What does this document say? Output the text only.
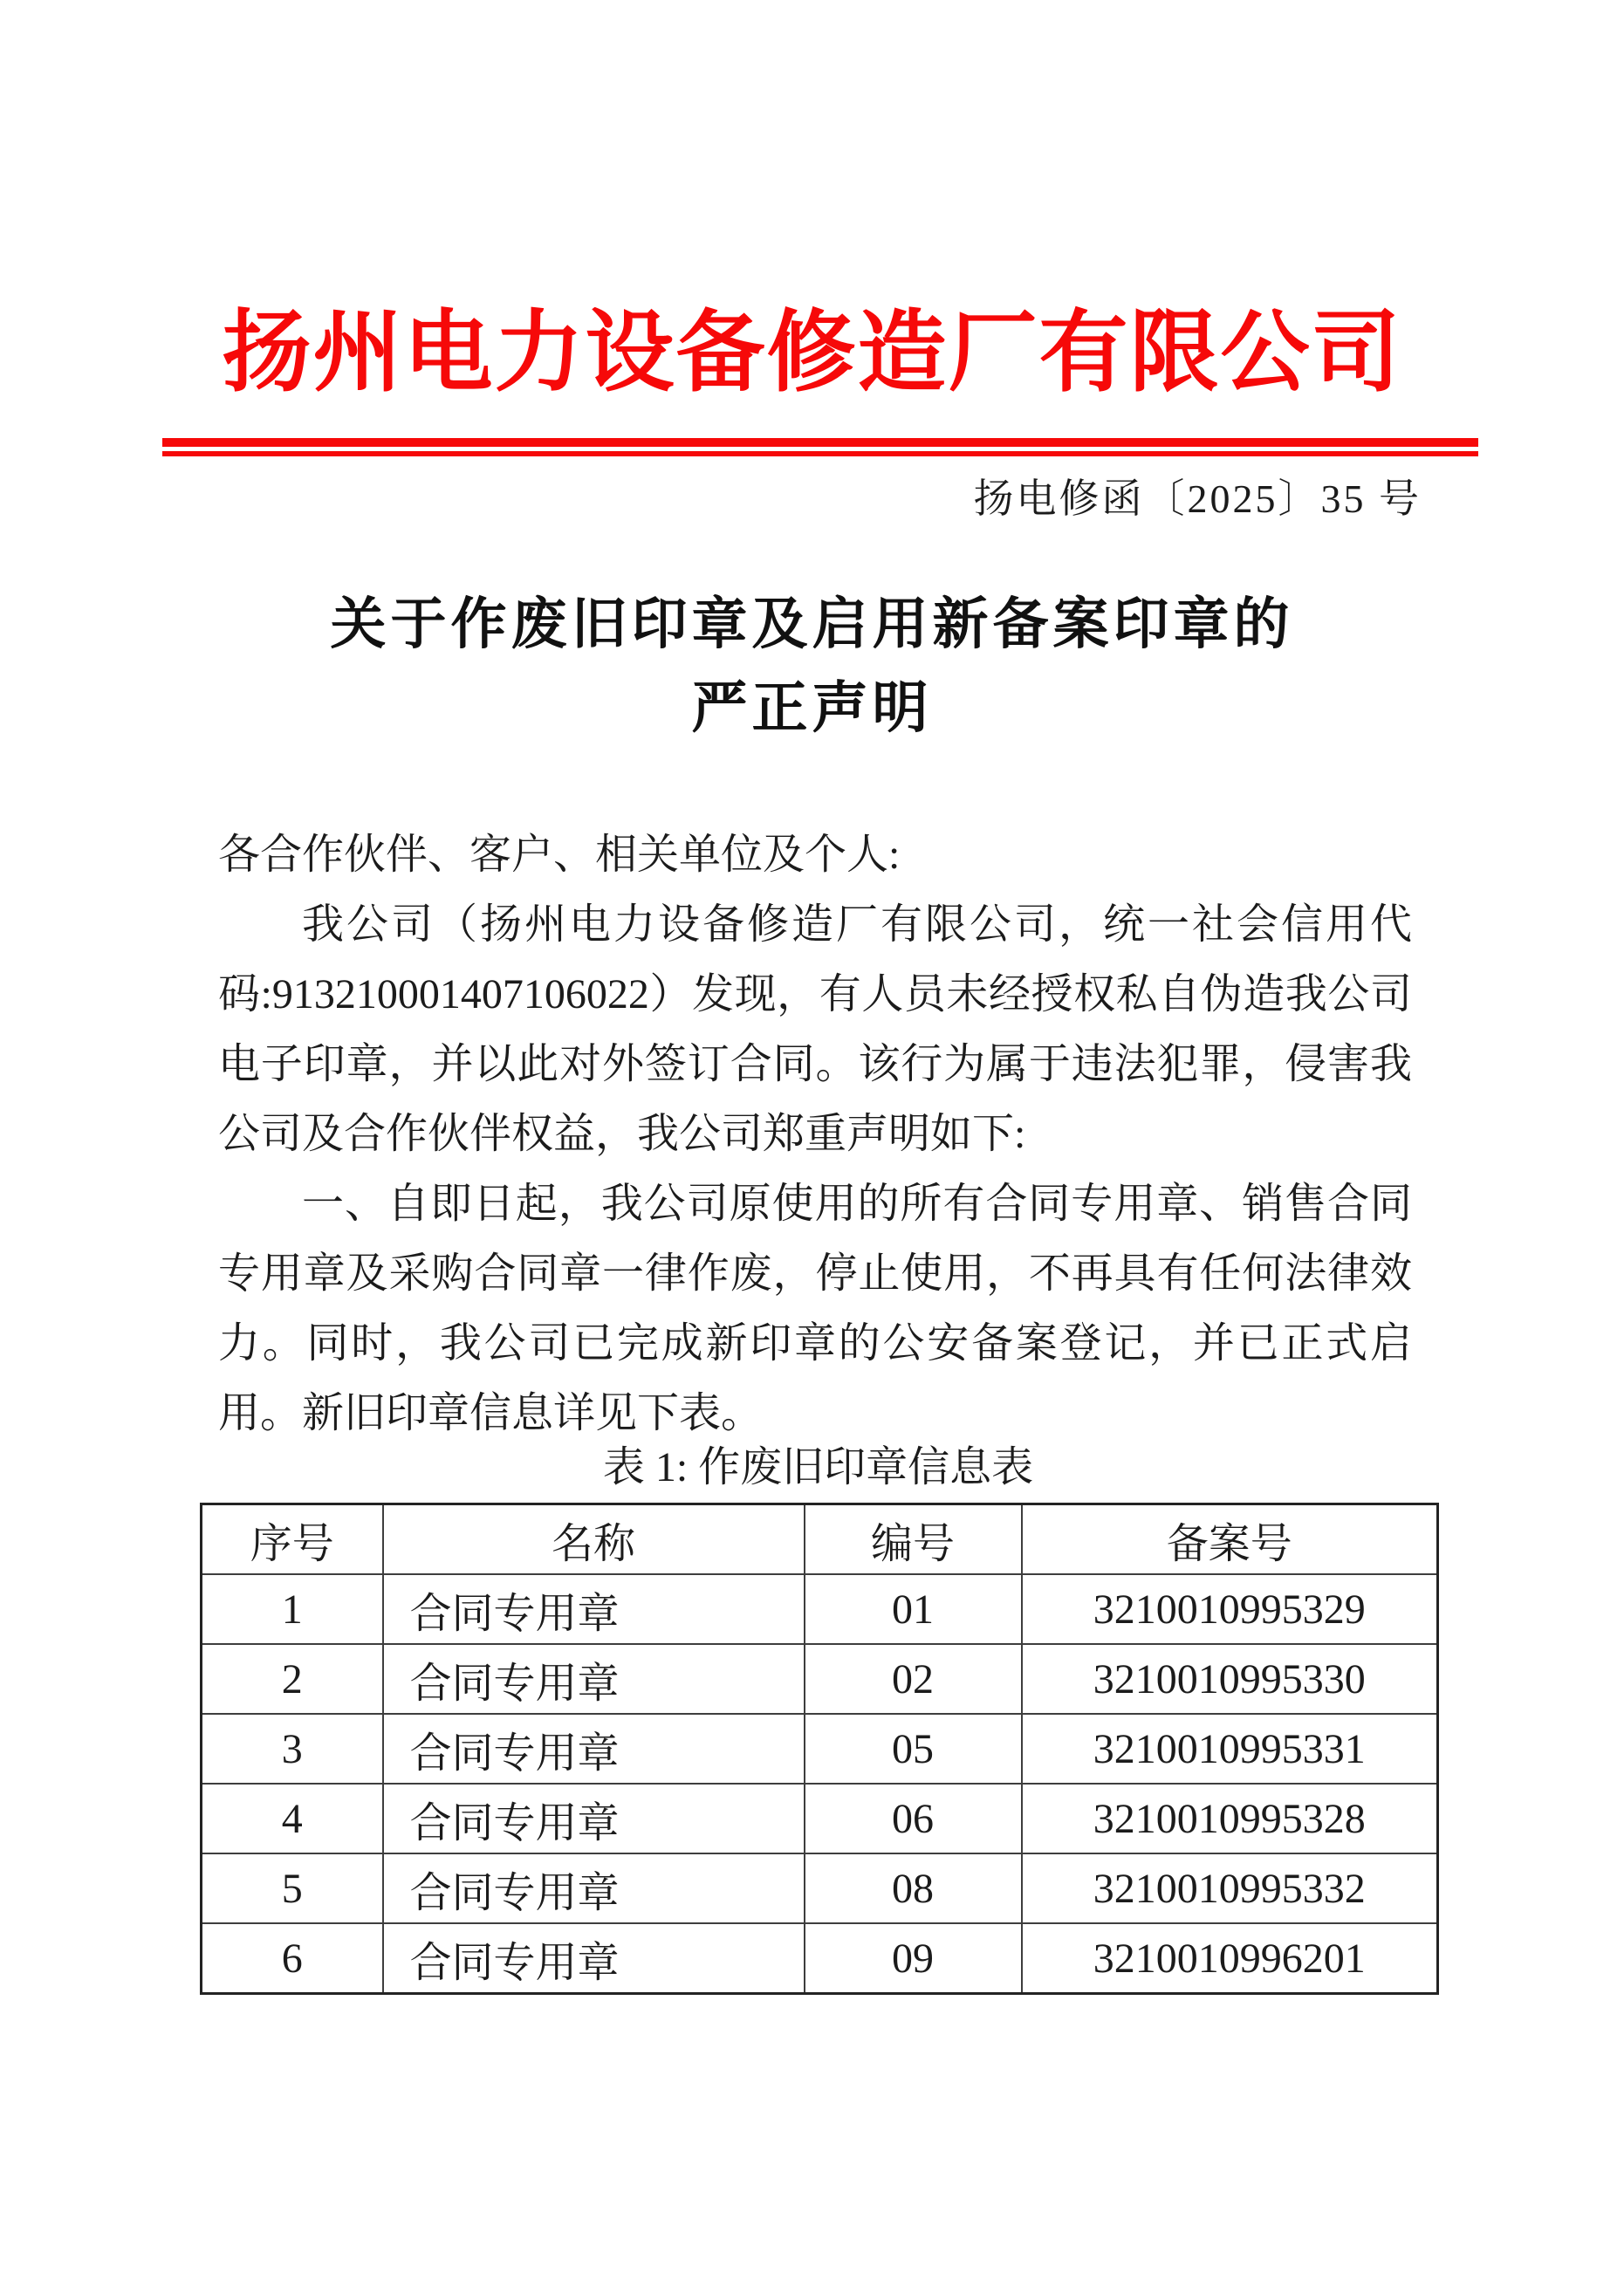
扬州电力设备修造厂有限公司
扬电修函〔2025〕35 号
关于作废旧印章及启用新备案印章的
严正声明

各合作伙伴、客户、相关单位及个人:

我公司（扬州电力设备修造厂有限公司，统一社会信用代码:913210001407106022）发现，有人员未经授权私自伪造我公司电子印章，并以此对外签订合同。该行为属于违法犯罪，侵害我公司及合作伙伴权益，我公司郑重声明如下:

一、自即日起，我公司原使用的所有合同专用章、销售合同专用章及采购合同章一律作废，停止使用，不再具有任何法律效力。同时，我公司已完成新印章的公安备案登记，并已正式启用。新旧印章信息详见下表。

表 1: 作废旧印章信息表
序号	名称	编号	备案号
1	合同专用章	01	3210010995329
2	合同专用章	02	3210010995330
3	合同专用章	05	3210010995331
4	合同专用章	06	3210010995328
5	合同专用章	08	3210010995332
6	合同专用章	09	3210010996201
